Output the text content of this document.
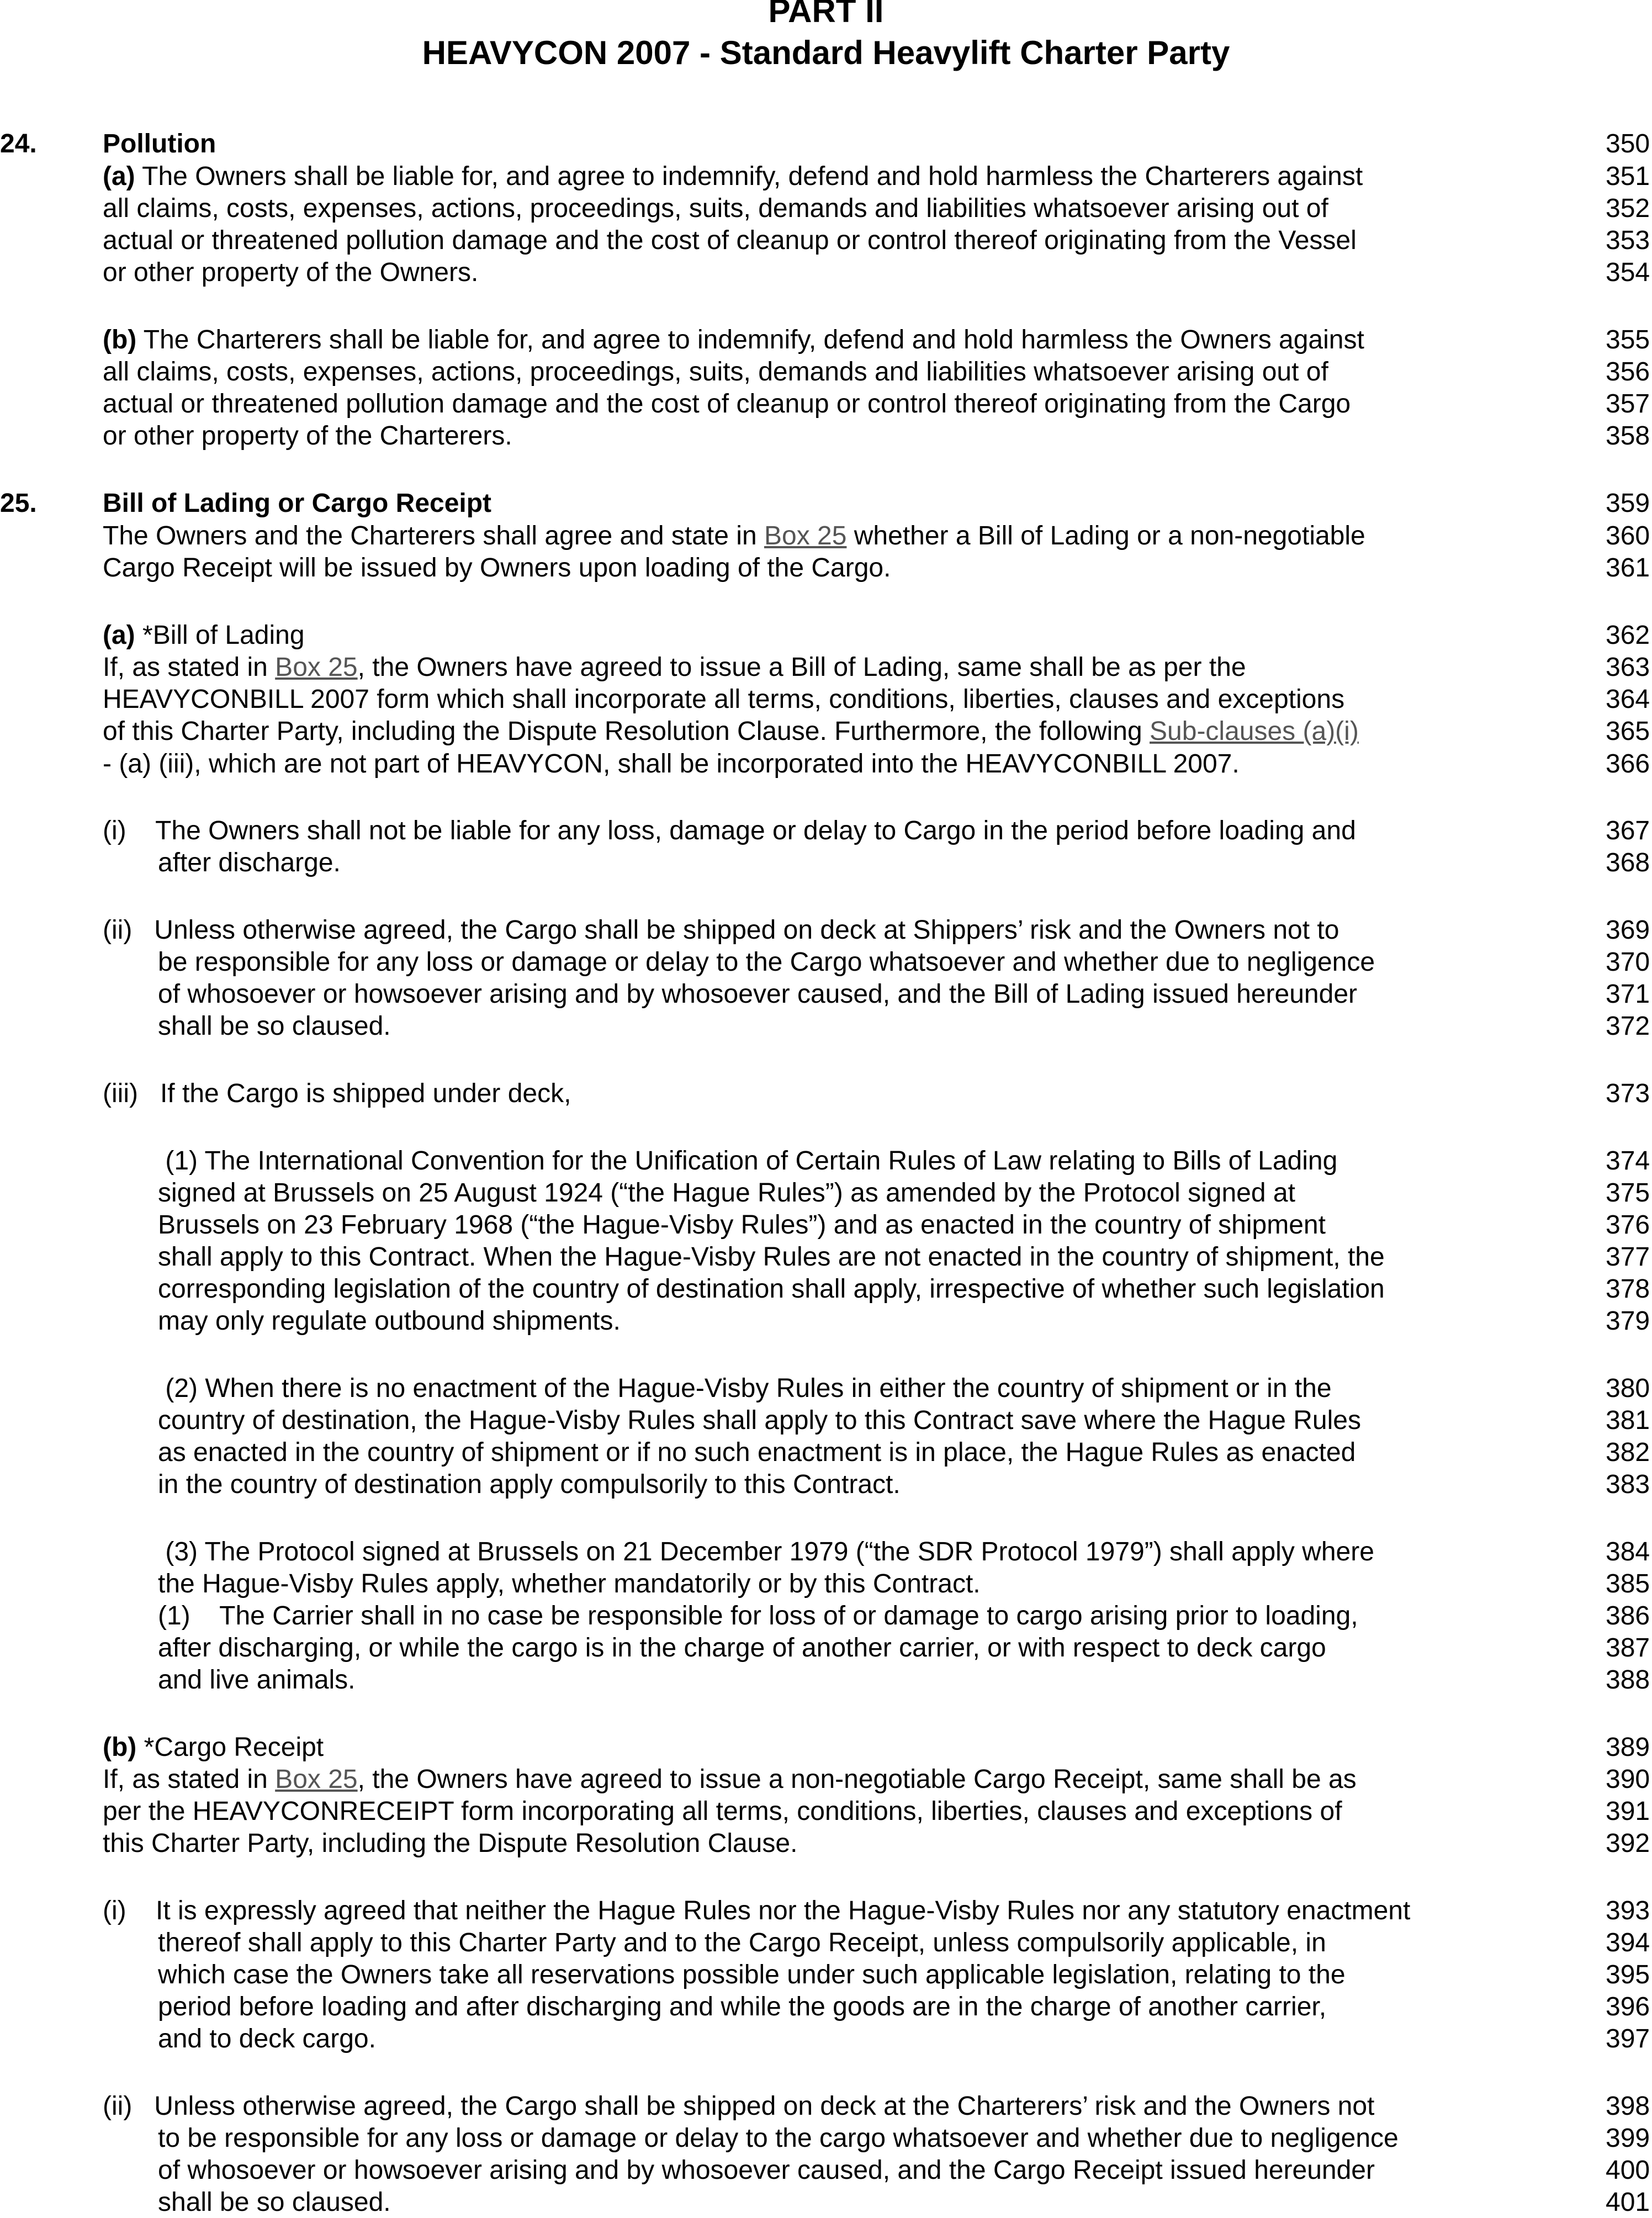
PART II
HEAVYCON 2007 - Standard Heavylift Charter Party
24. Pollution	350
(a) The Owners shall be liable for, and agree to indemnify, defend and hold harmless the Charterers against	351
all claims, costs, expenses, actions, proceedings, suits, demands and liabilities whatsoever arising out of	352
actual or threatened pollution damage and the cost of cleanup or control thereof originating from the Vessel	353
or other property of the Owners.	354
(b) The Charterers shall be liable for, and agree to indemnify, defend and hold harmless the Owners against	355
all claims, costs, expenses, actions, proceedings, suits, demands and liabilities whatsoever arising out of	356
actual or threatened pollution damage and the cost of cleanup or control thereof originating from the Cargo	357
or other property of the Charterers.	358
25. Bill of Lading or Cargo Receipt	359
The Owners and the Charterers shall agree and state in Box 25 whether a Bill of Lading or a non-negotiable	360
Cargo Receipt will be issued by Owners upon loading of the Cargo.	361
(a) *Bill of Lading	362
If, as stated in Box 25, the Owners have agreed to issue a Bill of Lading, same shall be as per the	363
HEAVYCONBILL 2007 form which shall incorporate all terms, conditions, liberties, clauses and exceptions	364
of this Charter Party, including the Dispute Resolution Clause. Furthermore, the following Sub-clauses (a)(i)	365
- (a) (iii), which are not part of HEAVYCON, shall be incorporated into the HEAVYCONBILL 2007.	366
(i)    The Owners shall not be liable for any loss, damage or delay to Cargo in the period before loading and	367
after discharge.	368
(ii)   Unless otherwise agreed, the Cargo shall be shipped on deck at Shippers’ risk and the Owners not to	369
be responsible for any loss or damage or delay to the Cargo whatsoever and whether due to negligence	370
of whosoever or howsoever arising and by whosoever caused, and the Bill of Lading issued hereunder	371
shall be so claused.	372
(iii)   If the Cargo is shipped under deck,	373
(1) The International Convention for the Unification of Certain Rules of Law relating to Bills of Lading	374
signed at Brussels on 25 August 1924 (“the Hague Rules”) as amended by the Protocol signed at	375
Brussels on 23 February 1968 (“the Hague-Visby Rules”) and as enacted in the country of shipment	376
shall apply to this Contract. When the Hague-Visby Rules are not enacted in the country of shipment, the	377
corresponding legislation of the country of destination shall apply, irrespective of whether such legislation	378
may only regulate outbound shipments.	379
(2) When there is no enactment of the Hague-Visby Rules in either the country of shipment or in the	380
country of destination, the Hague-Visby Rules shall apply to this Contract save where the Hague Rules	381
as enacted in the country of shipment or if no such enactment is in place, the Hague Rules as enacted	382
in the country of destination apply compulsorily to this Contract.	383
(3) The Protocol signed at Brussels on 21 December 1979 (“the SDR Protocol 1979”) shall apply where	384
the Hague-Visby Rules apply, whether mandatorily or by this Contract.	385
(1)    The Carrier shall in no case be responsible for loss of or damage to cargo arising prior to loading,	386
after discharging, or while the cargo is in the charge of another carrier, or with respect to deck cargo	387
and live animals.	388
(b) *Cargo Receipt	389
If, as stated in Box 25, the Owners have agreed to issue a non-negotiable Cargo Receipt, same shall be as	390
per the HEAVYCONRECEIPT form incorporating all terms, conditions, liberties, clauses and exceptions of	391
this Charter Party, including the Dispute Resolution Clause.	392
(i)    It is expressly agreed that neither the Hague Rules nor the Hague-Visby Rules nor any statutory enactment	393
thereof shall apply to this Charter Party and to the Cargo Receipt, unless compulsorily applicable, in	394
which case the Owners take all reservations possible under such applicable legislation, relating to the	395
period before loading and after discharging and while the goods are in the charge of another carrier,	396
and to deck cargo.	397
(ii)   Unless otherwise agreed, the Cargo shall be shipped on deck at the Charterers’ risk and the Owners not	398
to be responsible for any loss or damage or delay to the cargo whatsoever and whether due to negligence	399
of whosoever or howsoever arising and by whosoever caused, and the Cargo Receipt issued hereunder	400
shall be so claused.	401
